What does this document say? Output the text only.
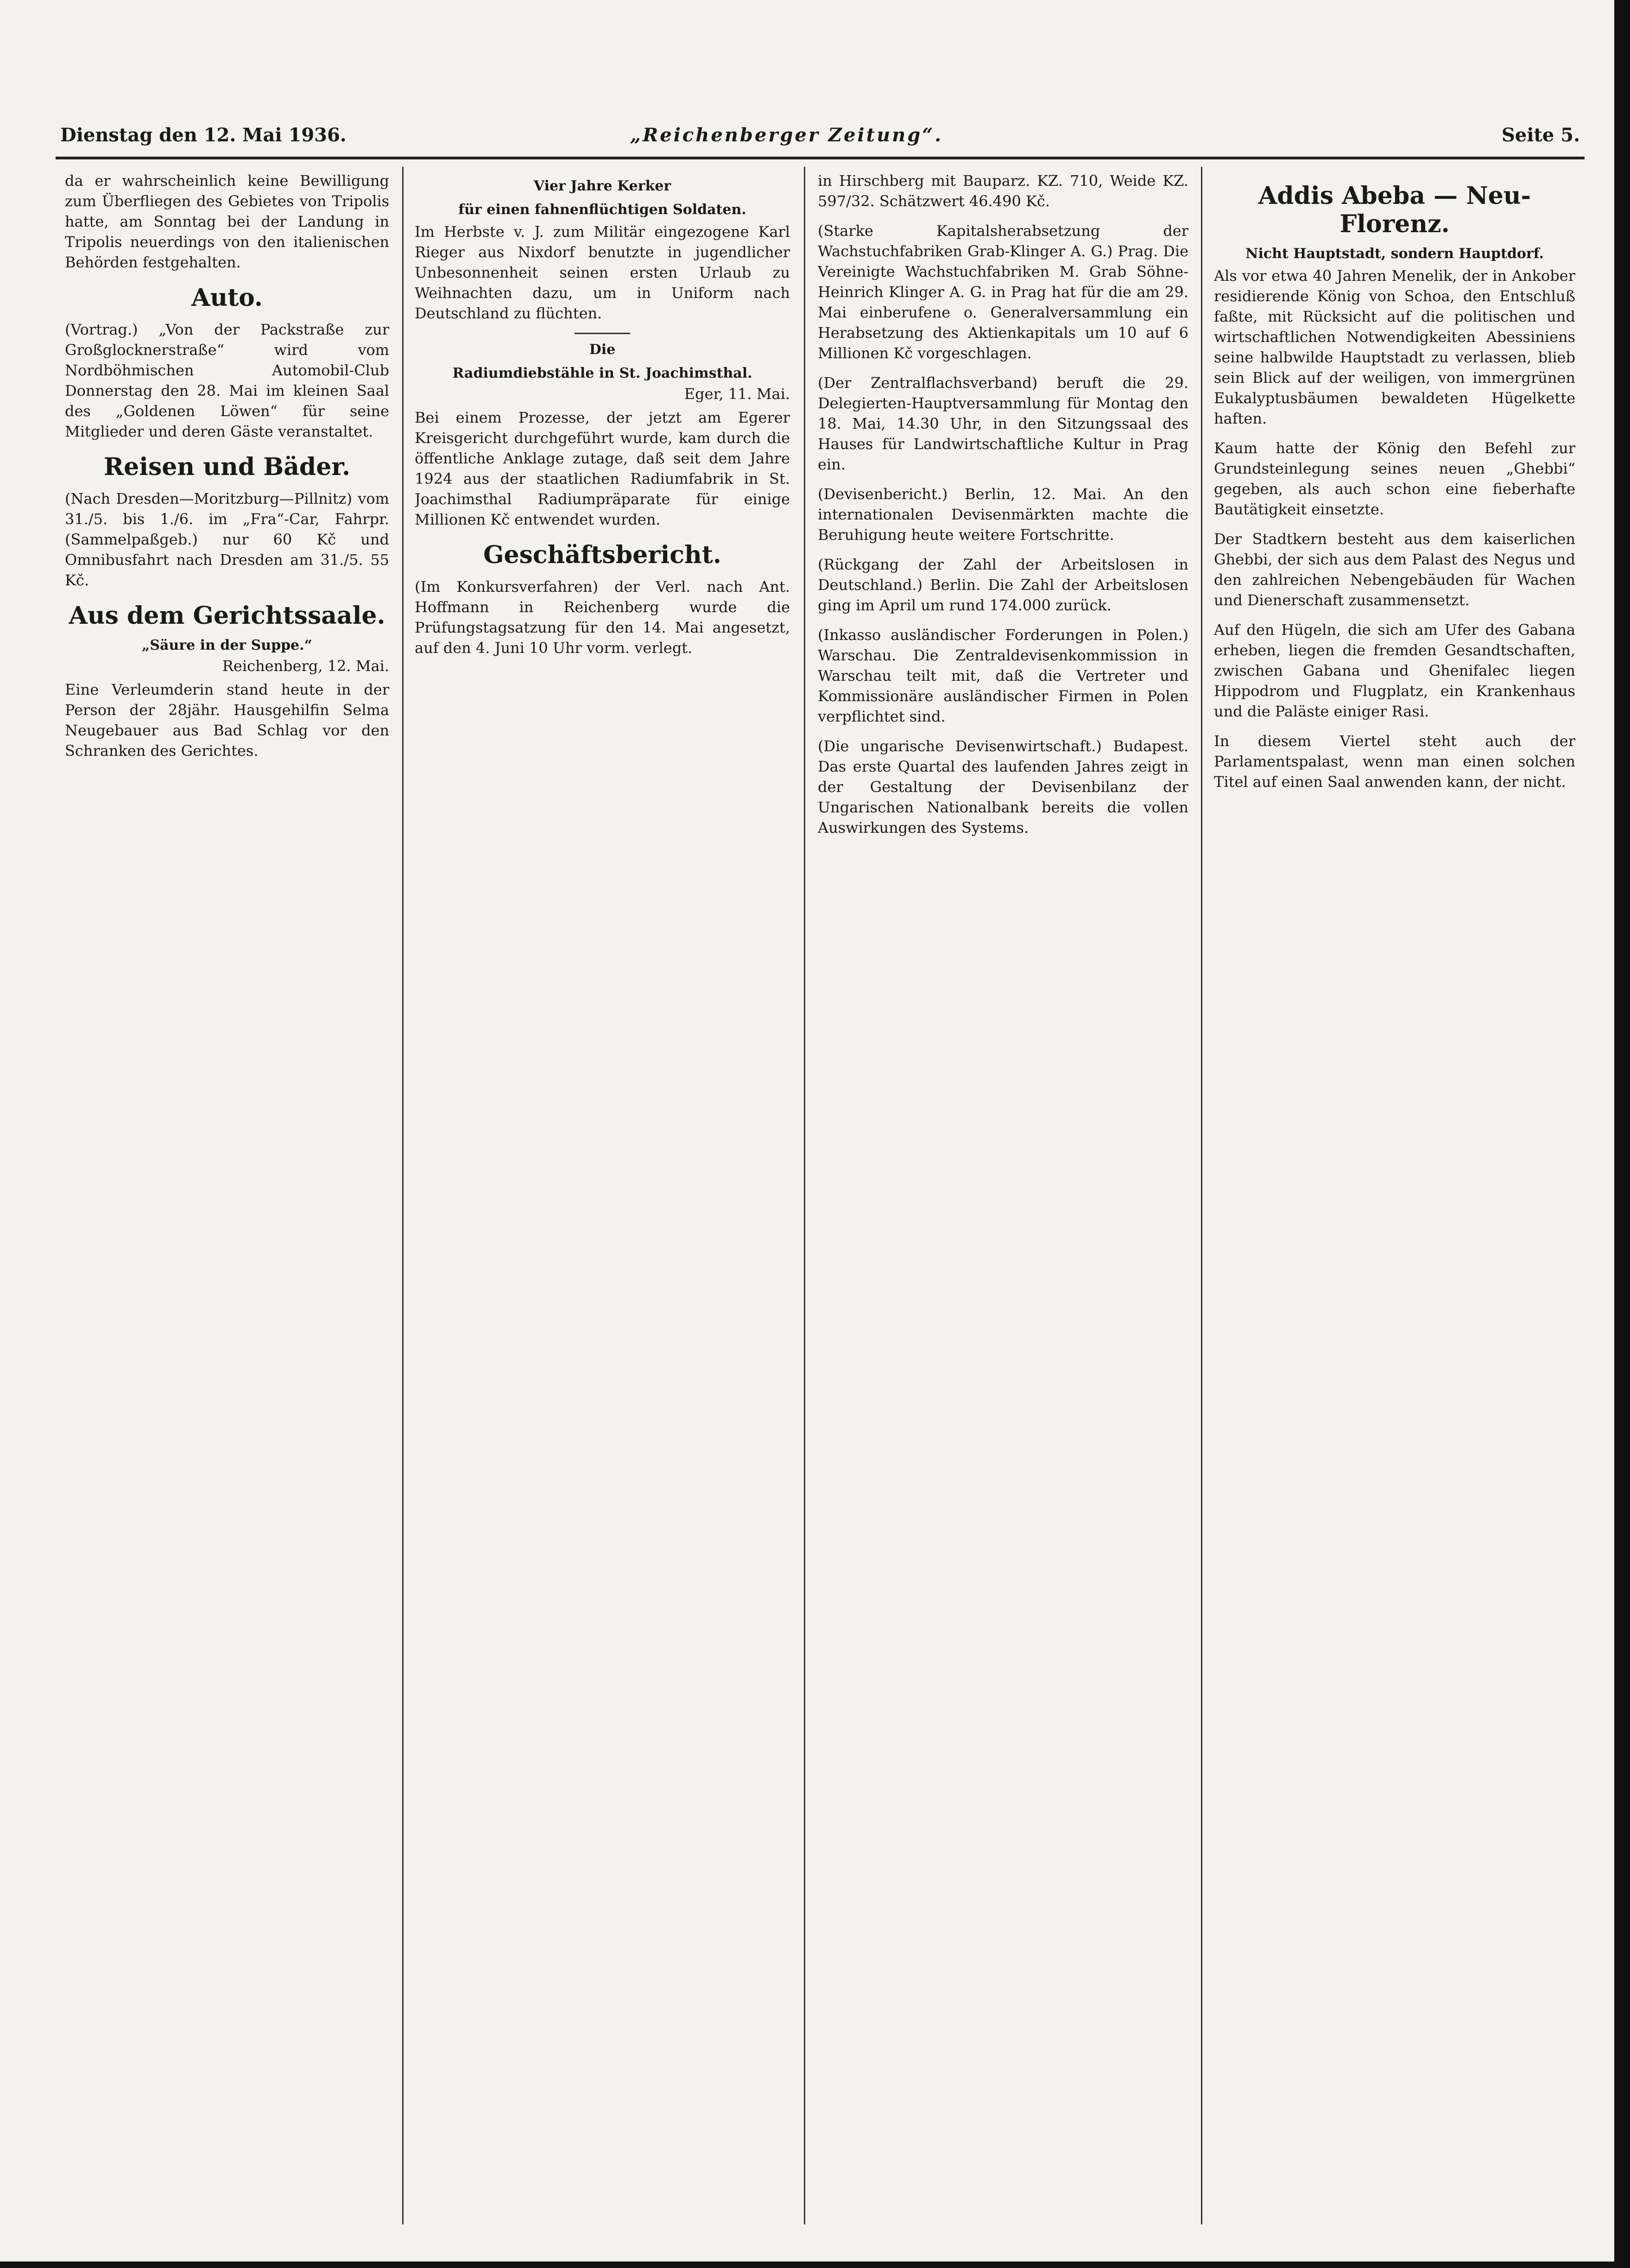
Dienstag den 12. Mai 1936.	„Reichenberger Zeitung“.	Seite 5.

da er wahrscheinlich keine Bewilligung zum Überfliegen des Gebietes von Tripolis hatte, am Sonntag bei der Landung in Tripolis neuerdings von den italienischen Behörden festgehalten.

Auto.

(Vortrag.) „Von der Packstraße zur Großglocknerstraße“ wird vom Nordböhmischen Automobil-Club Donnerstag den 28. Mai im kleinen Saal des „Goldenen Löwen“ für seine Mitglieder und deren Gäste veranstaltet.

Reisen und Bäder.

(Nach Dresden—Moritzburg—Pillnitz) vom 31./5. bis 1./6. im „Fra“-Car, Fahrpr. (Sammelpaßgeb.) nur 60 Kč und Omnibusfahrt nach Dresden am 31./5. 55 Kč.

Aus dem Gerichtssaale.
„Säure in der Suppe.“
Reichenberg, 12. Mai.

Eine Verleumderin stand heute in der Person der 28jähr. Hausgehilfin Selma Neugebauer aus Bad Schlag vor den Schranken des Gerichtes.

Vier Jahre Kerker
für einen fahnenflüchtigen Soldaten.

Im Herbste v. J. zum Militär eingezogene Karl Rieger aus Nixdorf benutzte in jugendlicher Unbesonnenheit seinen ersten Urlaub zu Weihnachten dazu, um in Uniform nach Deutschland zu flüchten.

Die
Radiumdiebstähle in St. Joachimsthal.
Eger, 11. Mai.

Bei einem Prozesse, der jetzt am Egerer Kreisgericht durchgeführt wurde, kam durch die öffentliche Anklage zutage, daß seit dem Jahre 1924 aus der staatlichen Radiumfabrik in St. Joachimsthal Radiumpräparate für einige Millionen Kč entwendet wurden.

Geschäftsbericht.

(Im Konkursverfahren) der Verl. nach Ant. Hoffmann in Reichenberg wurde die Prüfungstagsatzung für den 14. Mai angesetzt, auf den 4. Juni 10 Uhr vorm. verlegt.

in Hirschberg mit Bauparz. KZ. 710, Weide KZ. 597/32. Schätzwert 46.490 Kč.

(Starke Kapitalsherabsetzung der Wachstuchfabriken Grab-Klinger A. G.) Prag. Die Vereinigte Wachstuchfabriken M. Grab Söhne-Heinrich Klinger A. G. in Prag hat für die am 29. Mai einberufene o. Generalversammlung ein Herabsetzung des Aktienkapitals um 10 auf 6 Millionen Kč vorgeschlagen.

(Der Zentralflachsverband) beruft die 29. Delegierten-Hauptversammlung für Montag den 18. Mai, 14.30 Uhr, in den Sitzungssaal des Hauses für Landwirtschaftliche Kultur in Prag ein.

(Devisenbericht.) Berlin, 12. Mai. An den internationalen Devisenmärkten machte die Beruhigung heute weitere Fortschritte.

(Rückgang der Zahl der Arbeitslosen in Deutschland.) Berlin. Die Zahl der Arbeitslosen ging im April um rund 174.000 zurück.

(Inkasso ausländischer Forderungen in Polen.) Warschau. Die Zentraldevisenkommission in Warschau teilt mit, daß die Vertreter und Kommissionäre ausländischer Firmen in Polen verpflichtet sind.

(Die ungarische Devisenwirtschaft.) Budapest. Das erste Quartal des laufenden Jahres zeigt in der Gestaltung der Devisenbilanz der Ungarischen Nationalbank bereits die vollen Auswirkungen des Systems.

Addis Abeba — Neu-Florenz.
Nicht Hauptstadt, sondern Hauptdorf.

Als vor etwa 40 Jahren Menelik, der in Ankober residierende König von Schoa, den Entschluß faßte, mit Rücksicht auf die politischen und wirtschaftlichen Notwendigkeiten Abessiniens seine halbwilde Hauptstadt zu verlassen, blieb sein Blick auf der weiligen, von immergrünen Eukalyptusbäumen bewaldeten Hügelkette haften.

Kaum hatte der König den Befehl zur Grundsteinlegung seines neuen „Ghebbi“ gegeben, als auch schon eine fieberhafte Bautätigkeit einsetzte.

Der Stadtkern besteht aus dem kaiserlichen Ghebbi, der sich aus dem Palast des Negus und den zahlreichen Nebengebäuden für Wachen und Dienerschaft zusammensetzt.

Auf den Hügeln, die sich am Ufer des Gabana erheben, liegen die fremden Gesandtschaften, zwischen Gabana und Ghenifalec liegen Hippodrom und Flugplatz, ein Krankenhaus und die Paläste einiger Rasi.

In diesem Viertel steht auch der Parlamentspalast, wenn man einen solchen Titel auf einen Saal anwenden kann, der nicht.
